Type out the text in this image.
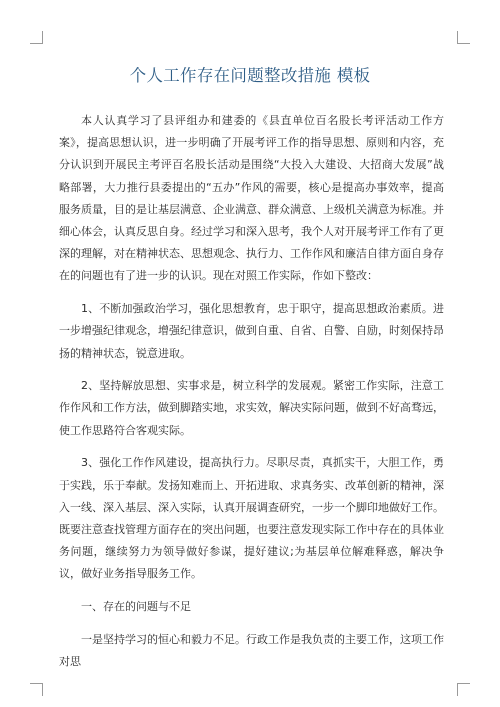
个人工作存在问题整改措施 模板

本人认真学习了县评组办和建委的《县直单位百名股长考评活动工作方案》，提高思想认识，进一步明确了开展考评工作的指导思想、原则和内容，充分认识到开展民主考评百名股长活动是围绕“大投入大建设、大招商大发展”战略部署，大力推行县委提出的“五办”作风的需要，核心是提高办事效率，提高服务质量，目的是让基层满意、企业满意、群众满意、上级机关满意为标准。并细心体会，认真反思自身。经过学习和深入思考，我个人对开展考评工作有了更深的理解，对在精神状态、思想观念、执行力、工作作风和廉洁自律方面自身存在的问题也有了进一步的认识。现在对照工作实际，作如下整改：

1、不断加强政治学习，强化思想教育，忠于职守，提高思想政治素质。进一步增强纪律观念，增强纪律意识，做到自重、自省、自警、自励，时刻保持昂扬的精神状态，锐意进取。

2、坚持解放思想、实事求是，树立科学的发展观。紧密工作实际，注意工作作风和工作方法，做到脚踏实地，求实效，解决实际问题，做到不好高骛远，使工作思路符合客观实际。

3、强化工作作风建设，提高执行力。尽职尽责，真抓实干，大胆工作，勇于实践，乐于奉献。发扬知难而上、开拓进取、求真务实、改革创新的精神，深入一线、深入基层、深入实际，认真开展调查研究，一步一个脚印地做好工作。既要注意查找管理方面存在的突出问题，也要注意发现实际工作中存在的具体业务问题，继续努力为领导做好参谋，提好建议;为基层单位解难释惑，解决争议，做好业务指导服务工作。

一、存在的问题与不足

一是坚持学习的恒心和毅力不足。行政工作是我负责的主要工作，这项工作对思
